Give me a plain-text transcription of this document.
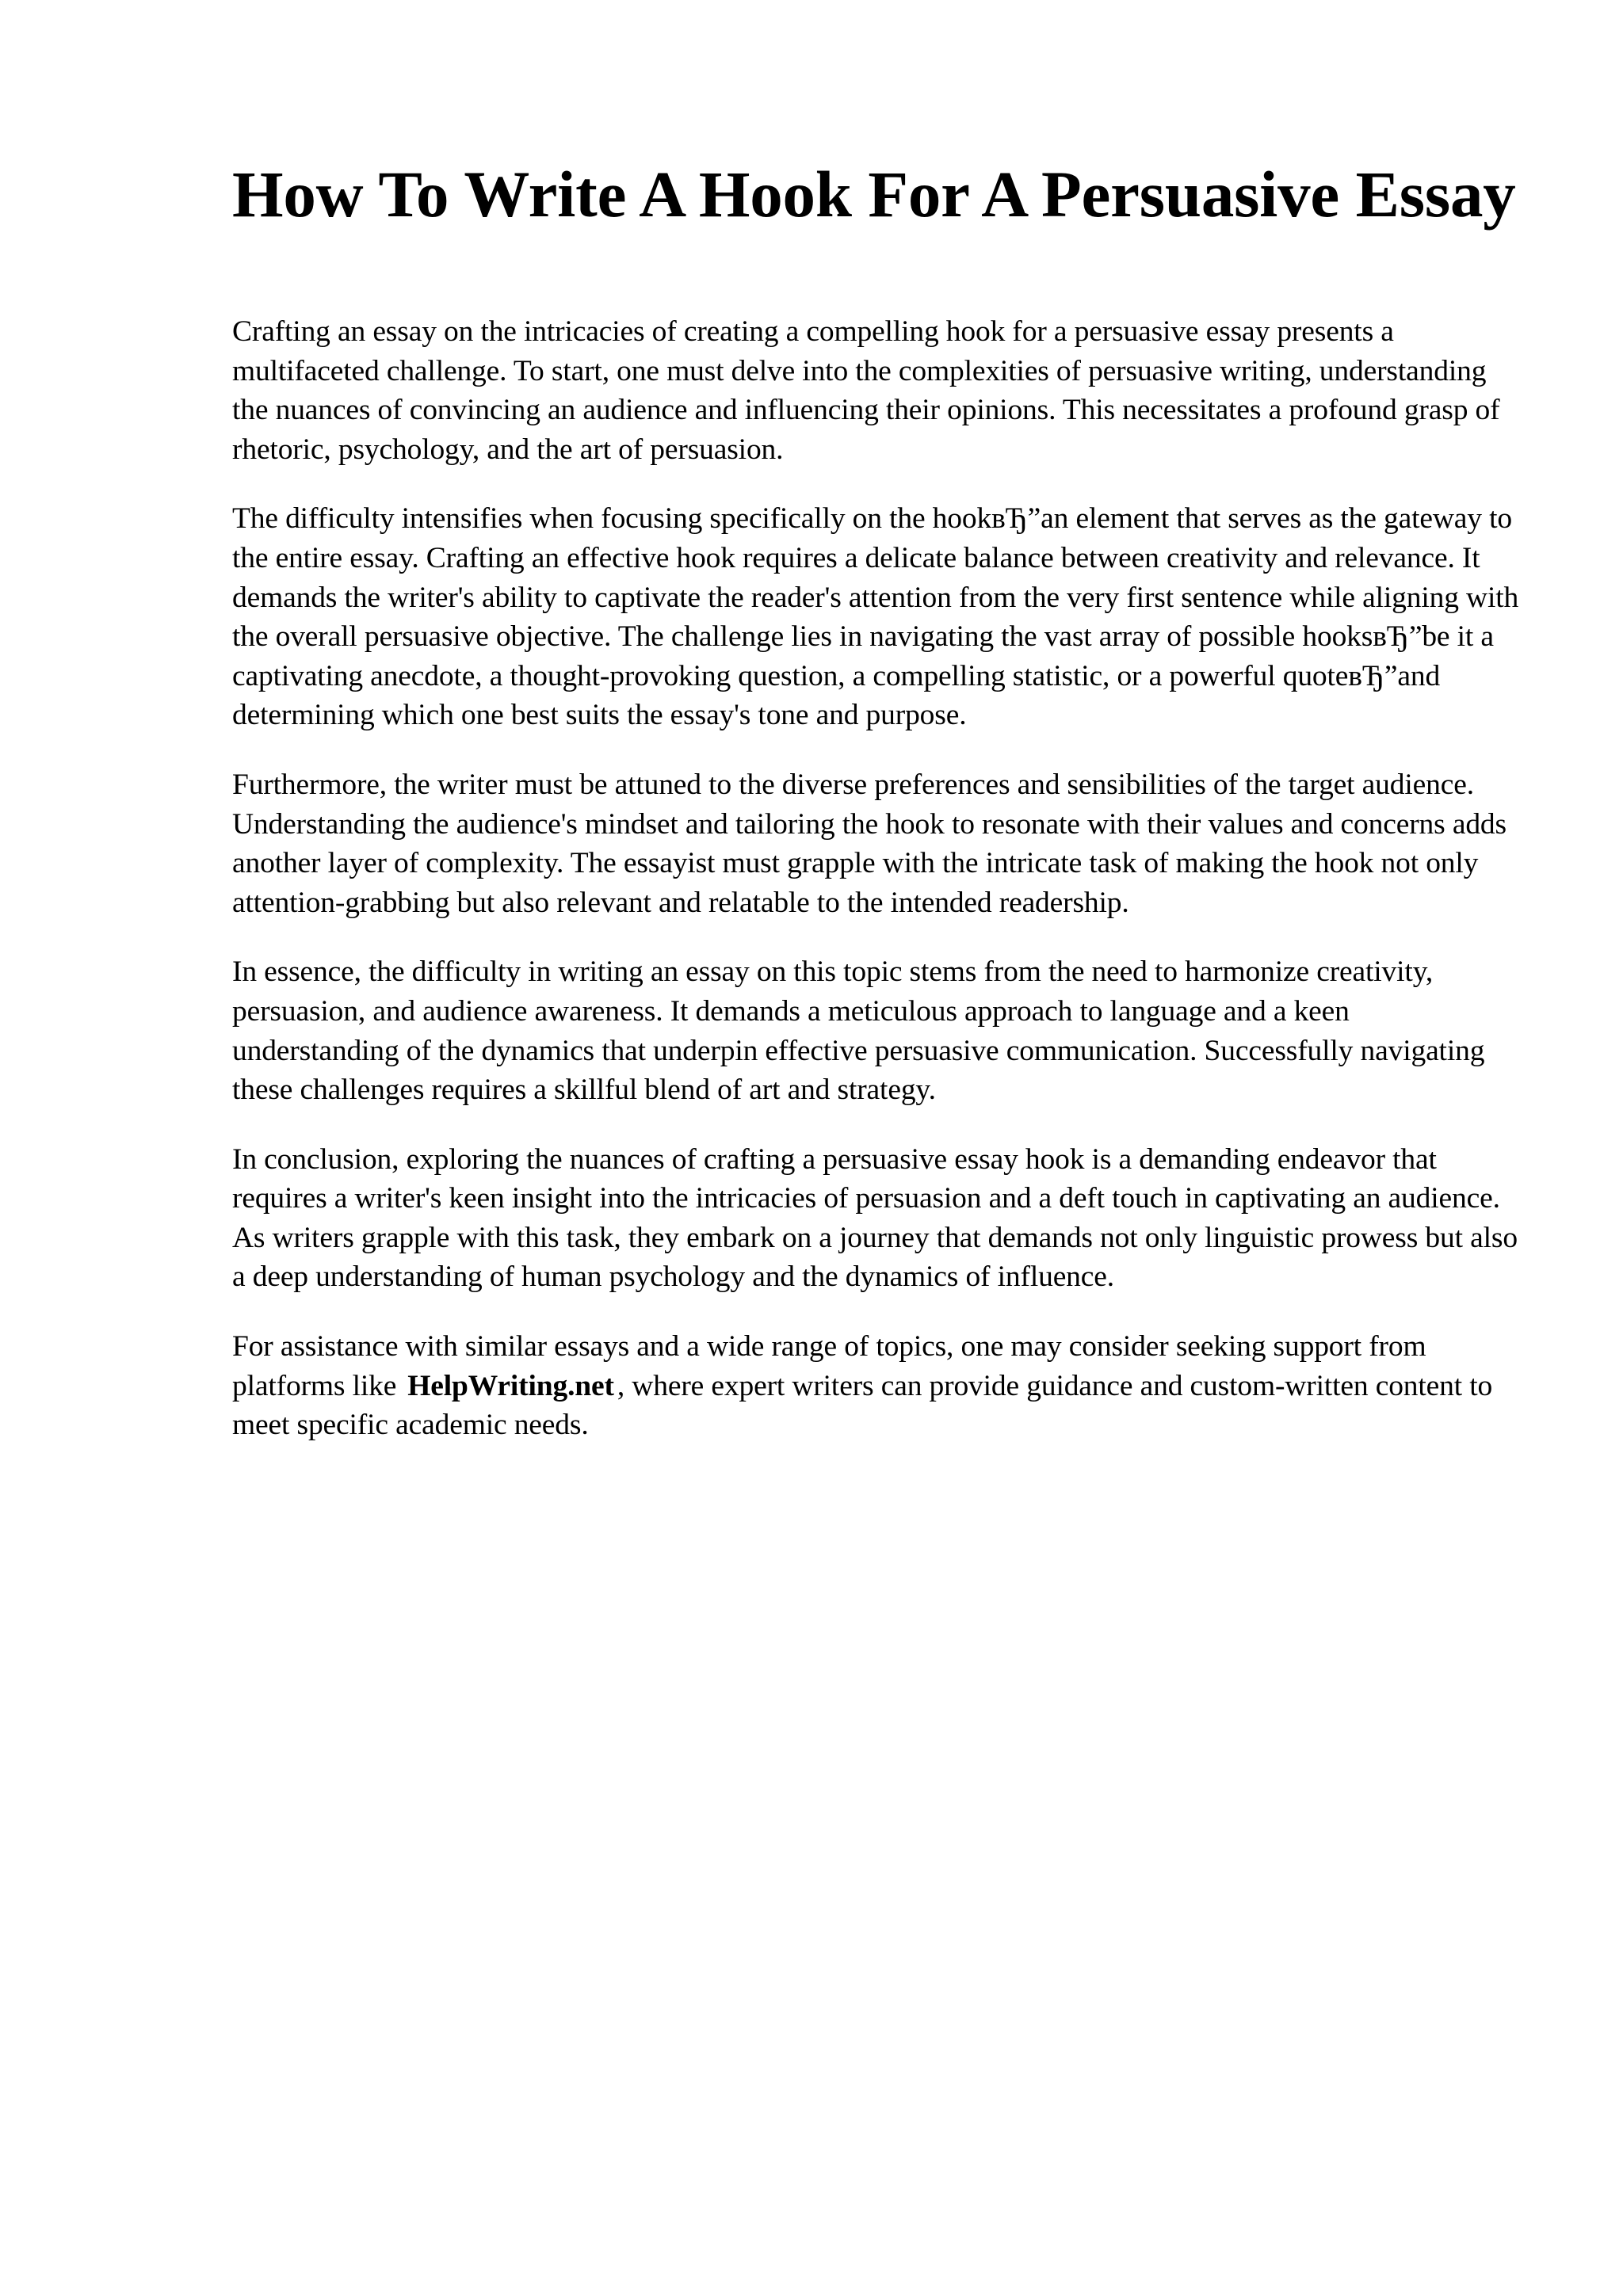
How To Write A Hook For A Persuasive Essay

Crafting an essay on the intricacies of creating a compelling hook for a persuasive essay presents a multifaceted challenge. To start, one must delve into the complexities of persuasive writing, understanding the nuances of convincing an audience and influencing their opinions. This necessitates a profound grasp of rhetoric, psychology, and the art of persuasion.

The difficulty intensifies when focusing specifically on the hookвЂ”an element that serves as the gateway to the entire essay. Crafting an effective hook requires a delicate balance between creativity and relevance. It demands the writer's ability to captivate the reader's attention from the very first sentence while aligning with the overall persuasive objective. The challenge lies in navigating the vast array of possible hooksвЂ”be it a captivating anecdote, a thought-provoking question, a compelling statistic, or a powerful quoteвЂ”and determining which one best suits the essay's tone and purpose.

Furthermore, the writer must be attuned to the diverse preferences and sensibilities of the target audience. Understanding the audience's mindset and tailoring the hook to resonate with their values and concerns adds another layer of complexity. The essayist must grapple with the intricate task of making the hook not only attention-grabbing but also relevant and relatable to the intended readership.

In essence, the difficulty in writing an essay on this topic stems from the need to harmonize creativity, persuasion, and audience awareness. It demands a meticulous approach to language and a keen understanding of the dynamics that underpin effective persuasive communication. Successfully navigating these challenges requires a skillful blend of art and strategy.

In conclusion, exploring the nuances of crafting a persuasive essay hook is a demanding endeavor that requires a writer's keen insight into the intricacies of persuasion and a deft touch in captivating an audience. As writers grapple with this task, they embark on a journey that demands not only linguistic prowess but also a deep understanding of human psychology and the dynamics of influence.

For assistance with similar essays and a wide range of topics, one may consider seeking support from platforms like HelpWriting.net , where expert writers can provide guidance and custom-written content to meet specific academic needs.
